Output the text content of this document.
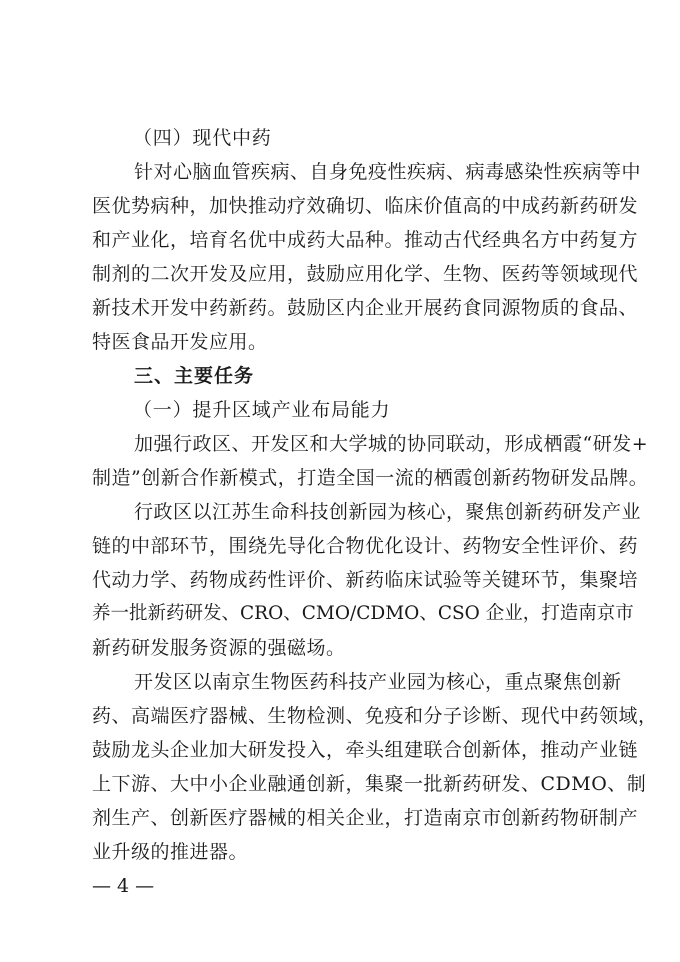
（四）现代中药
针对心脑血管疾病、自身免疫性疾病、病毒感染性疾病等中
医优势病种，加快推动疗效确切、临床价值高的中成药新药研发
和产业化，培育名优中成药大品种。推动古代经典名方中药复方
制剂的二次开发及应用，鼓励应用化学、生物、医药等领域现代
新技术开发中药新药。鼓励区内企业开展药食同源物质的食品、
特医食品开发应用。
三、主要任务
（一）提升区域产业布局能力
加强行政区、开发区和大学城的协同联动，形成栖霞“研发+
制造”创新合作新模式，打造全国一流的栖霞创新药物研发品牌。
行政区以江苏生命科技创新园为核心，聚焦创新药研发产业
链的中部环节，围绕先导化合物优化设计、药物安全性评价、药
代动力学、药物成药性评价、新药临床试验等关键环节，集聚培
养一批新药研发、CRO、CMO/CDMO、CSO 企业，打造南京市
新药研发服务资源的强磁场。
开发区以南京生物医药科技产业园为核心，重点聚焦创新
药、高端医疗器械、生物检测、免疫和分子诊断、现代中药领域，
鼓励龙头企业加大研发投入，牵头组建联合创新体，推动产业链
上下游、大中小企业融通创新，集聚一批新药研发、CDMO、制
剂生产、创新医疗器械的相关企业，打造南京市创新药物研制产
业升级的推进器。
— 4 —
